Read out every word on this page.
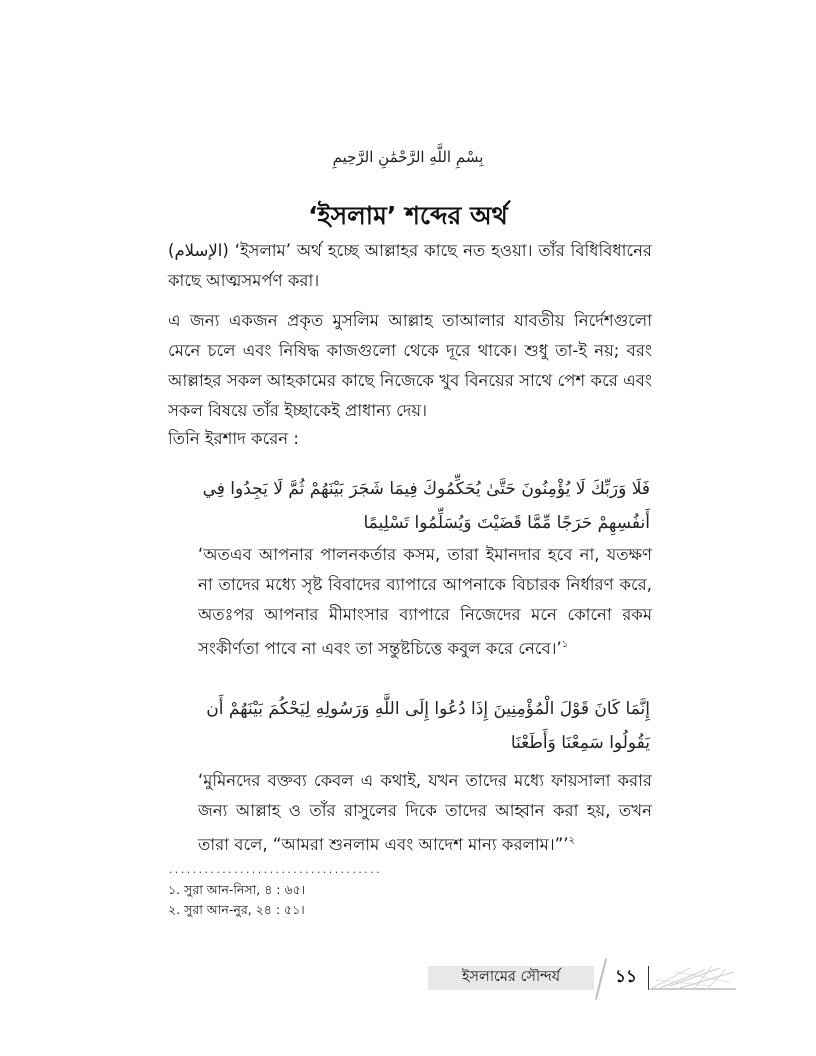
بِسْمِ اللَّهِ الرَّحْمَٰنِ الرَّحِيمِ
‘ইসলাম’ শব্দের অর্থ

(الإسلام) ‘ইসলাম’ অর্থ হচ্ছে আল্লাহর কাছে নত হওয়া। তাঁর বিধিবিধানের কাছে আত্মসমর্পণ করা।

এ জন্য একজন প্রকৃত মুসলিম আল্লাহ তাআলার যাবতীয় নির্দেশগুলো মেনে চলে এবং নিষিদ্ধ কাজগুলো থেকে দূরে থাকে। শুধু তা-ই নয়; বরং আল্লাহর সকল আহকামের কাছে নিজেকে খুব বিনয়ের সাথে পেশ করে এবং সকল বিষয়ে তাঁর ইচ্ছাকেই প্রাধান্য দেয়।

তিনি ইরশাদ করেন :

فَلَا وَرَبِّكَ لَا يُؤْمِنُونَ حَتَّىٰ يُحَكِّمُوكَ فِيمَا شَجَرَ بَيْنَهُمْ ثُمَّ لَا يَجِدُوا فِي أَنفُسِهِمْ حَرَجًا مِّمَّا قَضَيْتَ وَيُسَلِّمُوا تَسْلِيمًا

‘অতএব আপনার পালনকর্তার কসম, তারা ইমানদার হবে না, যতক্ষণ না তাদের মধ্যে সৃষ্ট বিবাদের ব্যাপারে আপনাকে বিচারক নির্ধারণ করে, অতঃপর আপনার মীমাংসার ব্যাপারে নিজেদের মনে কোনো রকম সংকীর্ণতা পাবে না এবং তা সন্তুষ্টচিত্তে কবুল করে নেবে।’$^১$

إِنَّمَا كَانَ قَوْلَ الْمُؤْمِنِينَ إِذَا دُعُوا إِلَى اللَّهِ وَرَسُولِهِ لِيَحْكُمَ بَيْنَهُمْ أَن يَقُولُوا سَمِعْنَا وَأَطَعْنَا

‘মুমিনদের বক্তব্য কেবল এ কথাই, যখন তাদের মধ্যে ফায়সালা করার জন্য আল্লাহ ও তাঁর রাসুলের দিকে তাদের আহ্বান করা হয়, তখন তারা বলে, “আমরা শুনলাম এবং আদেশ মান্য করলাম।”’$^২$

....................................
১. সুরা আন-নিসা, ৪ : ৬৫।
২. সুরা আন-নুর, ২৪ : ৫১।
ইসলামের সৌন্দর্য	১১
